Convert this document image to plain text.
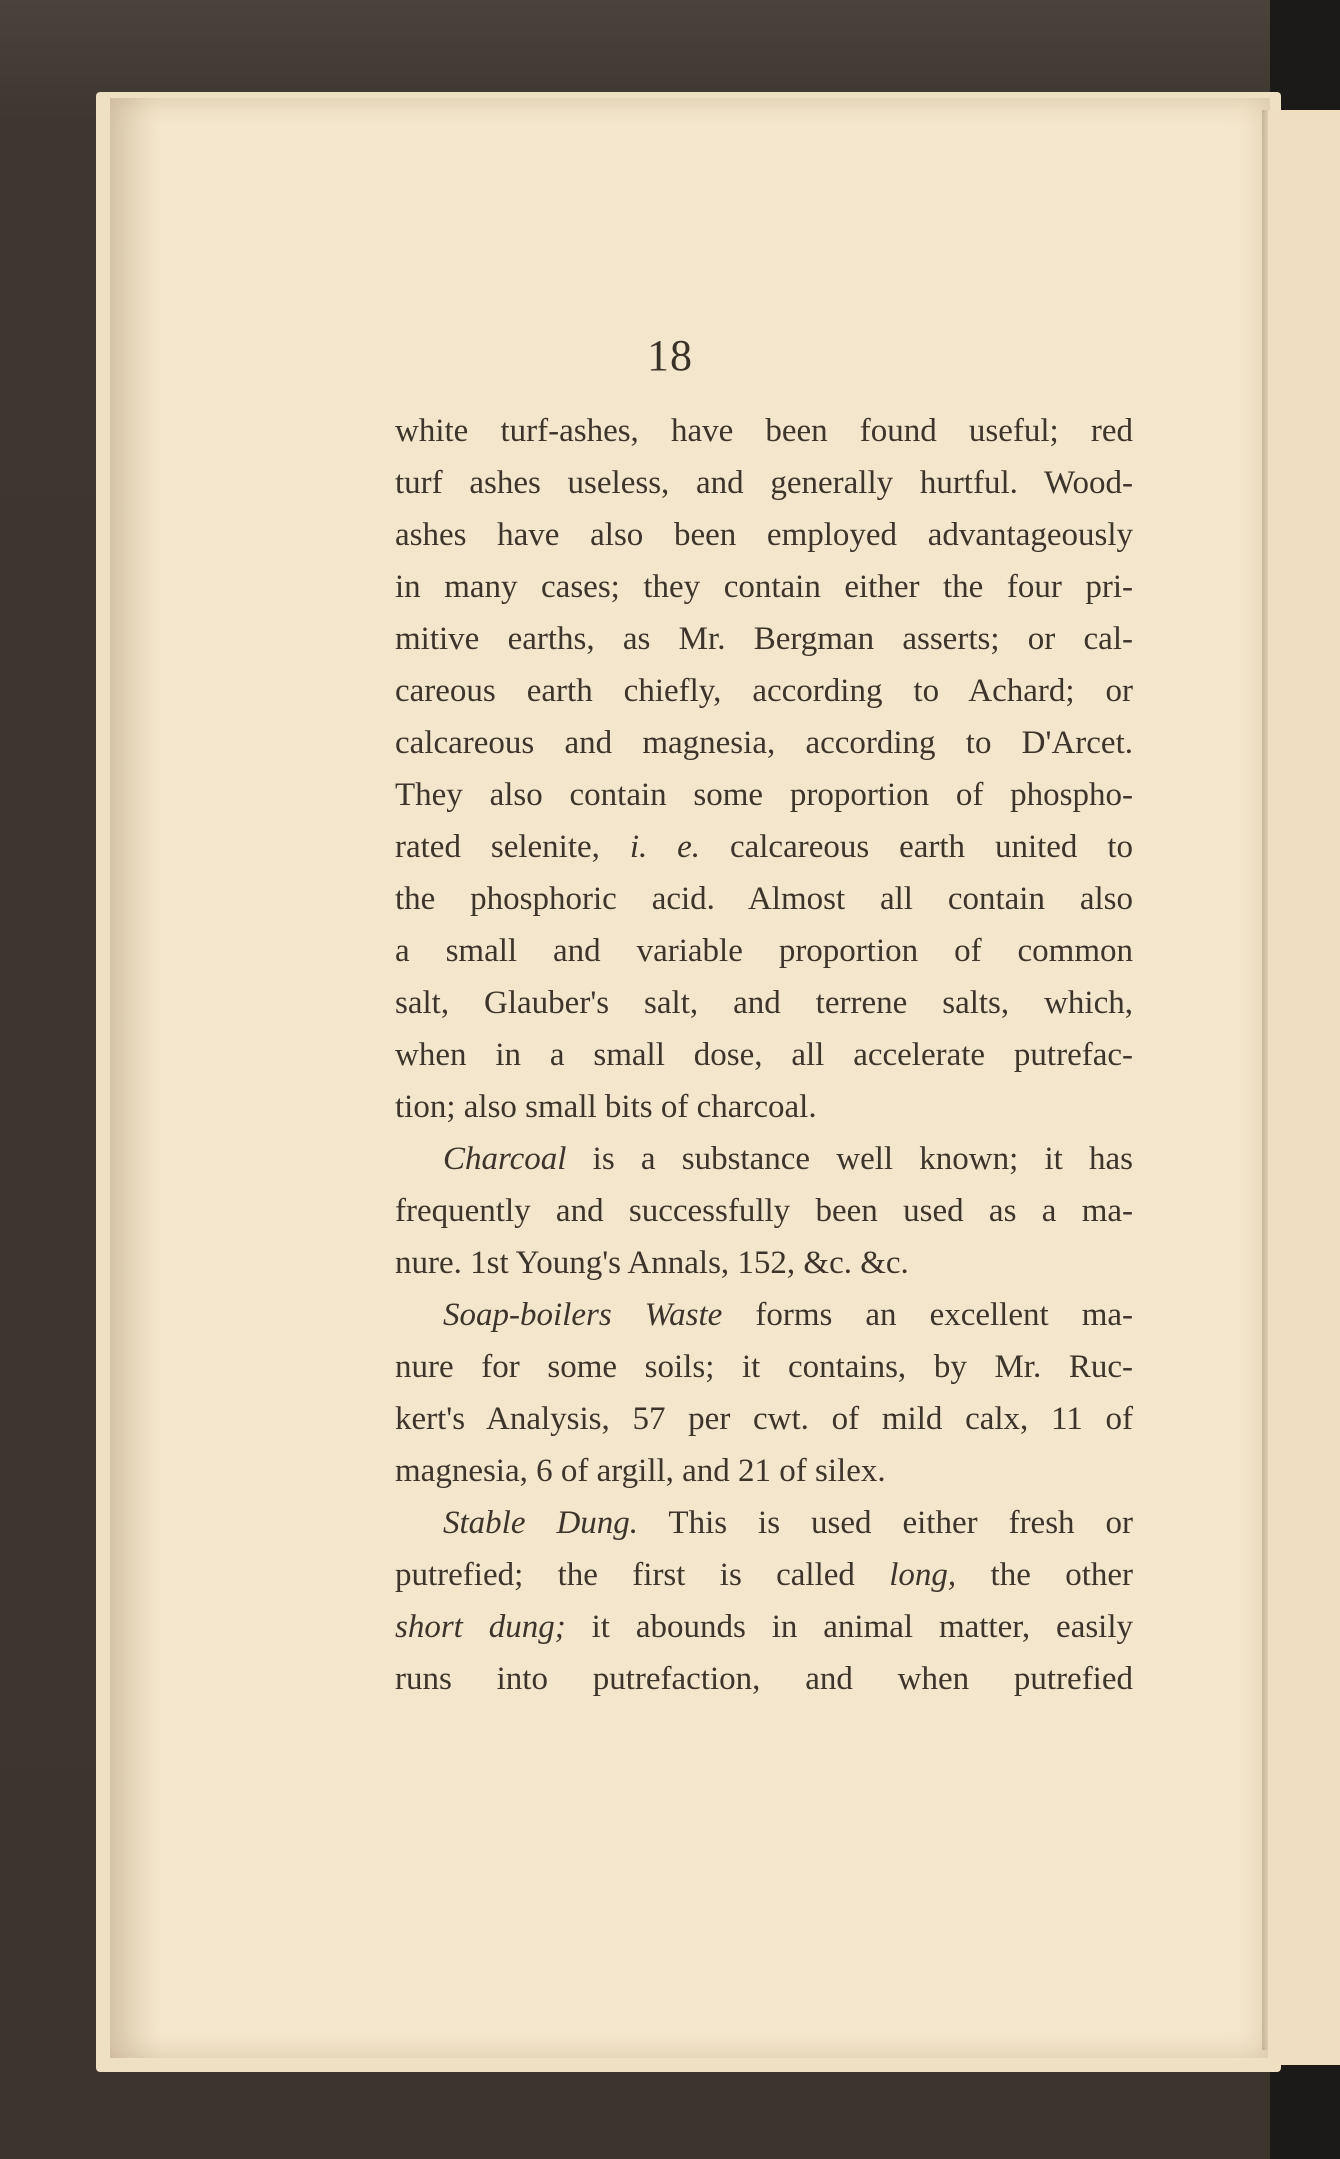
18
white turf-ashes, have been found useful; red
turf ashes useless, and generally hurtful. Wood-
ashes have also been employed advantageously
in many cases; they contain either the four pri-
mitive earths, as Mr. Bergman asserts; or cal-
careous earth chiefly, according to Achard; or
calcareous and magnesia, according to D'Arcet.
They also contain some proportion of phospho-
rated selenite, i. e. calcareous earth united to
the phosphoric acid. Almost all contain also
a small and variable proportion of common
salt, Glauber's salt, and terrene salts, which,
when in a small dose, all accelerate putrefac-
tion; also small bits of charcoal.
Charcoal is a substance well known; it has
frequently and successfully been used as a ma-
nure. 1st Young's Annals, 152, &c. &c.
Soap-boilers Waste forms an excellent ma-
nure for some soils; it contains, by Mr. Ruc-
kert's Analysis, 57 per cwt. of mild calx, 11 of
magnesia, 6 of argill, and 21 of silex.
Stable Dung. This is used either fresh or
putrefied; the first is called long, the other
short dung; it abounds in animal matter, easily
runs into putrefaction, and when putrefied
